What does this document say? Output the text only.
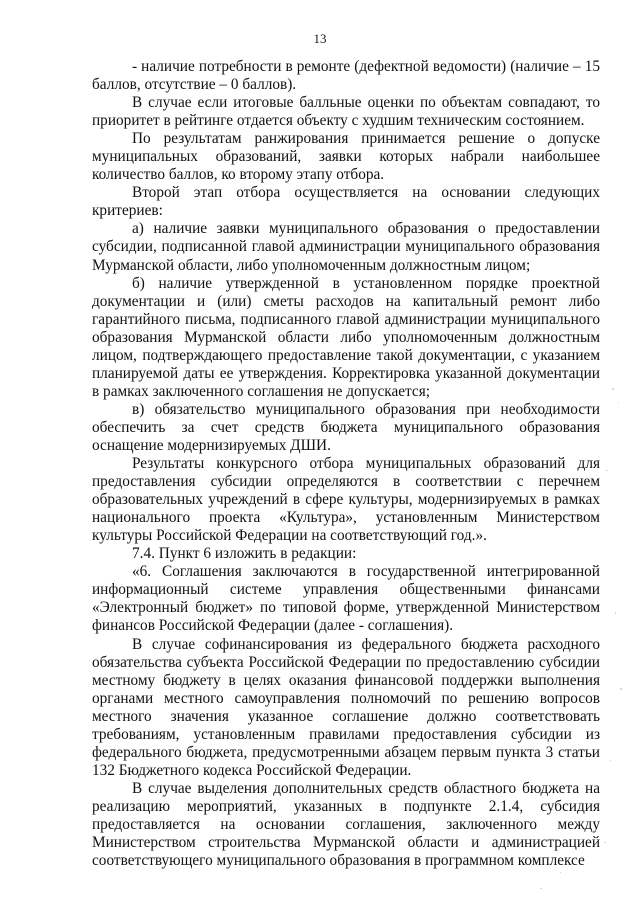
13

- наличие потребности в ремонте (дефектной ведомости) (наличие – 15 баллов, отсутствие – 0 баллов).

В случае если итоговые балльные оценки по объектам совпадают, то приоритет в рейтинге отдается объекту с худшим техническим состоянием.

По результатам ранжирования принимается решение о допуске муниципальных образований, заявки которых набрали наибольшее количество баллов, ко второму этапу отбора.

Второй этап отбора осуществляется на основании следующих критериев:

а) наличие заявки муниципального образования о предоставлении субсидии, подписанной главой администрации муниципального образования Мурманской области, либо уполномоченным должностным лицом;

б) наличие утвержденной в установленном порядке проектной документации и (или) сметы расходов на капитальный ремонт либо гарантийного письма, подписанного главой администрации муниципального образования Мурманской области либо уполномоченным должностным лицом, подтверждающего предоставление такой документации, с указанием планируемой даты ее утверждения. Корректировка указанной документации в рамках заключенного соглашения не допускается;

в) обязательство муниципального образования при необходимости обеспечить за счет средств бюджета муниципального образования оснащение модернизируемых ДШИ.

Результаты конкурсного отбора муниципальных образований для предоставления субсидии определяются в соответствии с перечнем образовательных учреждений в сфере культуры, модернизируемых в рамках национального проекта «Культура», установленным Министерством культуры Российской Федерации на соответствующий год.».

7.4. Пункт 6 изложить в редакции:

«6. Соглашения заключаются в государственной интегрированной информационный системе управления общественными финансами «Электронный бюджет» по типовой форме, утвержденной Министерством финансов Российской Федерации (далее - соглашения).

В случае софинансирования из федерального бюджета расходного обязательства субъекта Российской Федерации по предоставлению субсидии местному бюджету в целях оказания финансовой поддержки выполнения органами местного самоуправления полномочий по решению вопросов местного значения указанное соглашение должно соответствовать требованиям, установленным правилами предоставления субсидии из федерального бюджета, предусмотренными абзацем первым пункта 3 статьи 132 Бюджетного кодекса Российской Федерации.

В случае выделения дополнительных средств областного бюджета на реализацию мероприятий, указанных в подпункте 2.1.4, субсидия предоставляется на основании соглашения, заключенного между Министерством строительства Мурманской области и администрацией соответствующего муниципального образования в программном комплексе
